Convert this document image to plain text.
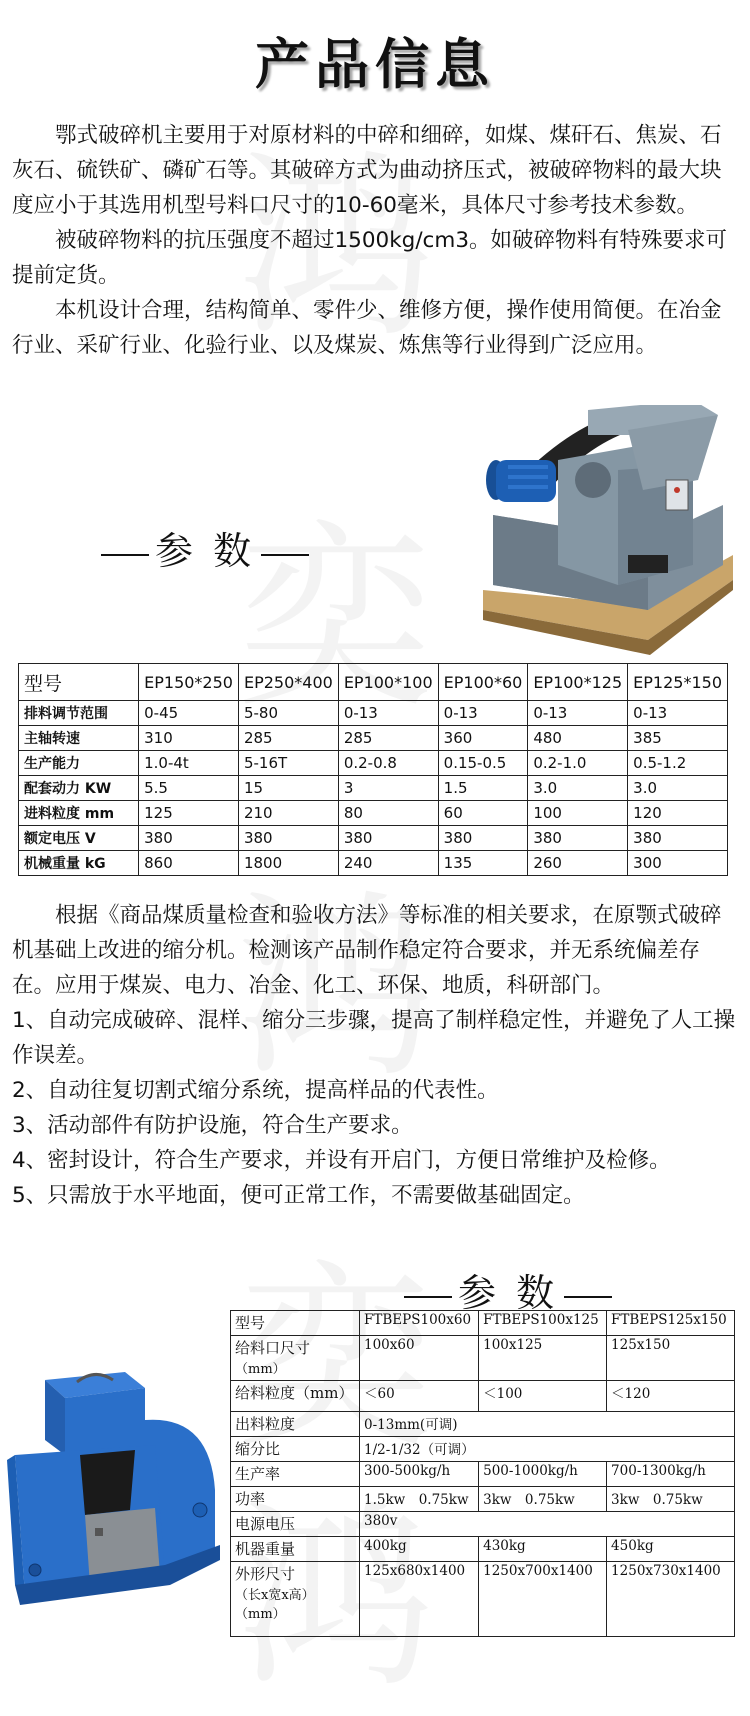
产品信息

鄂式破碎机主要用于对原材料的中碎和细碎，如煤、煤矸石、焦炭、石灰石、硫铁矿、磷矿石等。其破碎方式为曲动挤压式，被破碎物料的最大块度应小于其选用机型号料口尺寸的10-60毫米，具体尺寸参考技术参数。

被破碎物料的抗压强度不超过1500kg/cm3。如破碎物料有特殊要求可提前定货。

本机设计合理，结构简单、零件少、维修方便，操作使用简便。在冶金行业、采矿行业、化验行业、以及煤炭、炼焦等行业得到广泛应用。

参 数
型号	EP150*250	EP250*400	EP100*100	EP100*60	EP100*125	EP125*150
排料调节范围	0-45	5-80	0-13	0-13	0-13	0-13
主轴转速	310	285	285	360	480	385
生产能力	1.0-4t	5-16T	0.2-0.8	0.15-0.5	0.2-1.0	0.5-1.2
配套动力 KW	5.5	15	3	1.5	3.0	3.0
进料粒度 mm	125	210	80	60	100	120
额定电压 V	380	380	380	380	380	380
机械重量 kG	860	1800	240	135	260	300

根据《商品煤质量检查和验收方法》等标准的相关要求，在原颚式破碎机基础上改进的缩分机。检测该产品制作稳定符合要求，并无系统偏差存在。应用于煤炭、电力、冶金、化工、环保、地质，科研部门。

1、自动完成破碎、混样、缩分三步骤，提高了制样稳定性，并避免了人工操作误差。

2、自动往复切割式缩分系统，提高样品的代表性。

3、活动部件有防护设施，符合生产要求。

4、密封设计，符合生产要求，并设有开启门，方便日常维护及检修。

5、只需放于水平地面，便可正常工作，不需要做基础固定。

参 数
型号	FTBEPS100x60	FTBEPS100x125	FTBEPS125x150
给料口尺寸
（mm）	100x60	100x125	125x150
给料粒度（mm）	＜60	＜100	＜120
出料粒度	0-13mm(可调)		
缩分比	1/2-1/32（可调）		
生产率	300-500kg/h	500-1000kg/h	700-1300kg/h
功率	1.5kw　0.75kw	3kw　0.75kw	3kw　0.75kw
电源电压	380v		
机器重量	400kg	430kg	450kg
外形尺寸
（长x宽x高）
（mm）	125x680x1400	1250x700x1400	1250x730x1400
